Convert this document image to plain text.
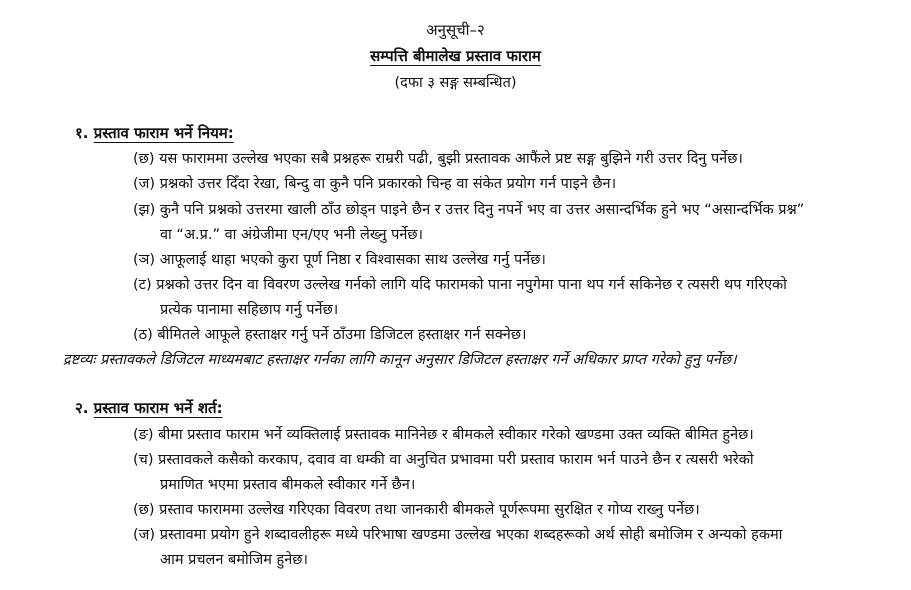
अनुसूची–२
सम्पत्ति बीमालेख प्रस्ताव फाराम
(दफा ३ सङ्ग सम्बन्धित)
१. प्रस्ताव फाराम भर्ने नियम:
(छ) यस फाराममा उल्लेख भएका सबै प्रश्नहरू राम्ररी पढी, बुझी प्रस्तावक आफैंले प्रष्ट सङ्ग बुझिने गरी उत्तर दिनु पर्नेछ।
(ज) प्रश्नको उत्तर दिँदा रेखा, बिन्दु वा कुनै पनि प्रकारको चिन्ह वा संकेत प्रयोग गर्न पाइने छैन।
(झ) कुनै पनि प्रश्नको उत्तरमा खाली ठाँउ छोड्न पाइने छैन र उत्तर दिनु नपर्ने भए वा उत्तर असान्दर्भिक हुने भए “असान्दर्भिक प्रश्न”
वा “अ.प्र.” वा अंग्रेजीमा एन/एए भनी लेख्नु पर्नेछ।
(ञ) आफूलाई थाहा भएको कुरा पूर्ण निष्ठा र विश्वासका साथ उल्लेख गर्नु पर्नेछ।
(ट) प्रश्नको उत्तर दिन वा विवरण उल्लेख गर्नको लागि यदि फारामको पाना नपुगेमा पाना थप गर्न सकिनेछ र त्यसरी थप गरिएको
प्रत्येक पानामा सहिछाप गर्नु पर्नेछ।
(ठ) बीमितले आफूले हस्ताक्षर गर्नु पर्ने ठाँउमा डिजिटल हस्ताक्षर गर्न सक्नेछ।
द्रष्टव्यः प्रस्तावकले डिजिटल माध्यमबाट हस्ताक्षर गर्नका लागि कानून अनुसार डिजिटल हस्ताक्षर गर्ने अधिकार प्राप्त गरेको हुनु पर्नेछ।
२. प्रस्ताव फाराम भर्ने शर्त:
(ङ) बीमा प्रस्ताव फाराम भर्ने व्यक्तिलाई प्रस्तावक मानिनेछ र बीमकले स्वीकार गरेको खण्डमा उक्त व्यक्ति बीमित हुनेछ।
(च) प्रस्तावकले कसैको करकाप, दवाव वा धम्की वा अनुचित प्रभावमा परी प्रस्ताव फाराम भर्न पाउने छैन र त्यसरी भरेको
प्रमाणित भएमा प्रस्ताव बीमकले स्वीकार गर्ने छैन।
(छ) प्रस्ताव फाराममा उल्लेख गरिएका विवरण तथा जानकारी बीमकले पूर्णरूपमा सुरक्षित र गोप्य राख्नु पर्नेछ।
(ज) प्रस्तावमा प्रयोग हुने शब्दावलीहरू मध्ये परिभाषा खण्डमा उल्लेख भएका शब्दहरूको अर्थ सोही बमोजिम र अन्यको हकमा
आम प्रचलन बमोजिम हुनेछ।
